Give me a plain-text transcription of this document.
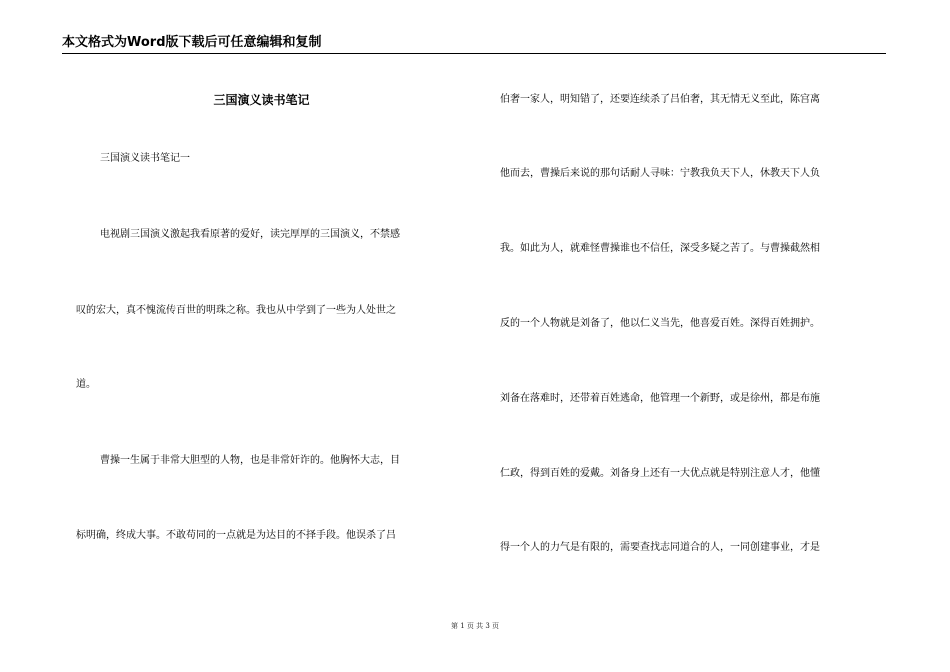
本文格式为Word版下载后可任意编辑和复制
三国演义读书笔记
三国演义读书笔记一
电视剧三国演义激起我看原著的爱好，读完厚厚的三国演义，不禁感
叹的宏大，真不愧流传百世的明珠之称。我也从中学到了一些为人处世之
道。
曹操一生属于非常大胆型的人物，也是非常奸诈的。他胸怀大志，目
标明确，终成大事。不敢苟同的一点就是为达目的不择手段。他误杀了吕
伯奢一家人，明知错了，还要连续杀了吕伯奢，其无情无义至此，陈宫离
他而去，曹操后来说的那句话耐人寻味：宁教我负天下人，休教天下人负
我。如此为人，就难怪曹操谁也不信任，深受多疑之苦了。与曹操截然相
反的一个人物就是刘备了，他以仁义当先，他喜爱百姓。深得百姓拥护。
刘备在落难时，还带着百姓逃命，他管理一个新野，或是徐州，都是布施
仁政，得到百姓的爱戴。刘备身上还有一大优点就是特别注意人才，他懂
得一个人的力气是有限的，需要查找志同道合的人，一同创建事业，才是
第 1 页 共 3 页
